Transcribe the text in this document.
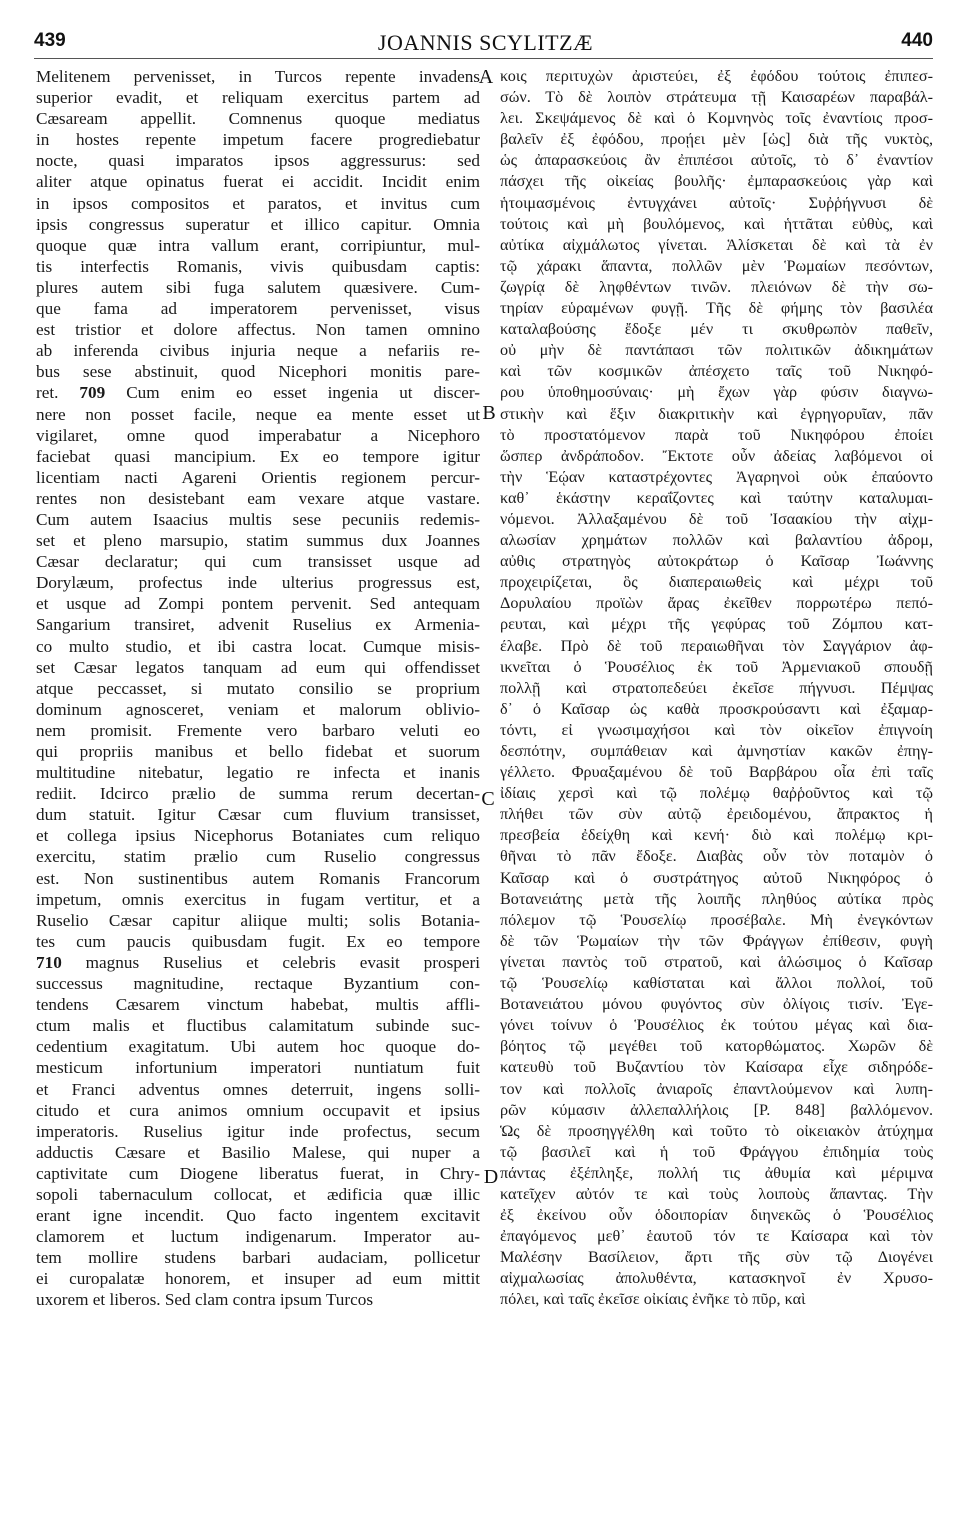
439	JOANNIS SCYLITZÆ	440
Melitenem pervenisset, in Turcos repente invadens
superior evadit, et reliquam exercitus partem ad
Cæsaream appellit. Comnenus quoque mediatus
in hostes repente impetum facere progrediebatur
nocte, quasi imparatos ipsos aggressurus: sed
aliter atque opinatus fuerat ei accidit. Incidit enim
in ipsos compositos et paratos, et invitus cum
ipsis congressus superatur et illico capitur. Omnia
quoque quæ intra vallum erant, corripiuntur, mul-
tis interfectis Romanis, vivis quibusdam captis:
plures autem sibi fuga salutem quæsivere. Cum-
que fama ad imperatorem pervenisset, visus
est tristior et dolore affectus. Non tamen omnino
ab inferenda civibus injuria neque a nefariis re-
bus sese abstinuit, quod Nicephori monitis pare-
ret. 709 Cum enim eo esset ingenia ut discer-
nere non posset facile, neque ea mente esset ut
vigilaret, omne quod imperabatur a Nicephoro
faciebat quasi mancipium. Ex eo tempore igitur
licentiam nacti Agareni Orientis regionem percur-
rentes non desistebant eam vexare atque vastare.
Cum autem Isaacius multis sese pecuniis redemis-
set et pleno marsupio, statim summus dux Joannes
Cæsar declaratur; qui cum transisset usque ad
Dorylæum, profectus inde ulterius progressus est,
et usque ad Zompi pontem pervenit. Sed antequam
Sangarium transiret, advenit Ruselius ex Armenia-
co multo studio, et ibi castra locat. Cumque misis-
set Cæsar legatos tanquam ad eum qui offendisset
atque peccasset, si mutato consilio se proprium
dominum agnosceret, veniam et malorum oblivio-
nem promisit. Fremente vero barbaro veluti eo
qui propriis manibus et bello fidebat et suorum
multitudine nitebatur, legatio re infecta et inanis
rediit. Idcirco prælio de summa rerum decertan-
dum statuit. Igitur Cæsar cum fluvium transisset,
et collega ipsius Nicephorus Botaniates cum reliquo
exercitu, statim prælio cum Ruselio congressus
est. Non sustinentibus autem Romanis Francorum
impetum, omnis exercitus in fugam vertitur, et a
Ruselio Cæsar capitur aliique multi; solis Botania-
tes cum paucis quibusdam fugit. Ex eo tempore
710 magnus Ruselius et celebris evasit prosperi
successus magnitudine, rectaque Byzantium con-
tendens Cæsarem vinctum habebat, multis affli-
ctum malis et fluctibus calamitatum subinde suc-
cedentium exagitatum. Ubi autem hoc quoque do-
mesticum infortunium imperatori nuntiatum fuit
et Franci adventus omnes deterruit, ingens solli-
citudo et cura animos omnium occupavit et ipsius
imperatoris. Ruselius igitur inde profectus, secum
adductis Cæsare et Basilio Malese, qui nuper a
captivitate cum Diogene liberatus fuerat, in Chry-
sopoli tabernaculum collocat, et ædificia quæ illic
erant igne incendit. Quo facto ingentem excitavit
clamorem et luctum indigenarum. Imperator au-
tem mollire studens barbari audaciam, pollicetur
ei curopalatæ honorem, et insuper ad eum mittit
uxorem et liberos. Sed clam contra ipsum Turcos
κοις περιτυχὼν ἀριστεύει, ἐξ ἐφόδου τούτοις ἐπιπεσ-
σών. Τὸ δὲ λοιπὸν στράτευμα τῇ Καισαρέων παραβάλ-
λει. Σκεψάμενος δὲ καὶ ὁ Κομνηνὸς τοῖς ἐναντίοις προσ-
βαλεῖν ἐξ ἐφόδου, προῄει μὲν [ὡς] διὰ τῆς νυκτὸς,
ὡς ἀπαρασκεύοις ἂν ἐπιπέσοι αὐτοῖς, τὸ δ᾽ ἐναντίον
πάσχει τῆς οἰκείας βουλῆς· ἐμπαρασκεύοις γὰρ καὶ
ἡτοιμασμένοις ἐντυγχάνει αὐτοῖς· Συῤῥήγνυσι δὲ
τούτοις καὶ μὴ βουλόμενος, καὶ ἡττᾶται εὐθὺς, καὶ
αὐτίκα αἰχμάλωτος γίνεται. Ἁλίσκεται δὲ καὶ τὰ ἐν
τῷ χάρακι ἅπαντα, πολλῶν μὲν Ῥωμαίων πεσόντων,
ζωγρίᾳ δὲ ληφθέντων τινῶν. πλειόνων δὲ τὴν σω-
τηρίαν εὑραμένων φυγῇ. Τῆς δὲ φήμης τὸν βασιλέα
καταλαβούσης ἔδοξε μέν τι σκυθρωπὸν παθεῖν,
οὐ μὴν δὲ παντάπασι τῶν πολιτικῶν ἀδικημάτων
καὶ τῶν κοσμικῶν ἀπέσχετο ταῖς τοῦ Νικηφό-
ρου ὑποθημοσύναις· μὴ ἔχων γὰρ φύσιν διαγνω-
στικὴν καὶ ἕξιν διακριτικὴν καὶ ἐγρηγορυῖαν, πᾶν
τὸ προστατόμενον παρὰ τοῦ Νικηφόρου ἐποίει
ὥσπερ ἀνδράποδον. Ἔκτοτε οὖν ἀδείας λαβόμενοι οἱ
τὴν Ἑῴαν καταστρέχοντες Ἀγαρηνοὶ οὐκ ἐπαύοντο
καθ᾽ ἑκάστην κεραΐζοντες καὶ ταύτην καταλυμαι-
νόμενοι. Ἀλλαξαμένου δὲ τοῦ Ἰσαακίου τὴν αἰχμ-
αλωσίαν χρημάτων πολλῶν καὶ βαλαντίου ἀδρομ,
αὐθις στρατηγὸς αὐτοκράτωρ ὁ Καῖσαρ Ἰωάννης
προχειρίζεται, ὃς διαπεραιωθεὶς καὶ μέχρι τοῦ
Δορυλαίου προϊὼν ἄρας ἐκεῖθεν πορρωτέρω πεπό-
ρευται, καὶ μέχρι τῆς γεφύρας τοῦ Ζόμπου κατ-
έλαβε. Πρὸ δὲ τοῦ περαιωθῆναι τὸν Σαγγάριον ἀφ-
ικνεῖται ὁ Ῥουσέλιος ἐκ τοῦ Ἀρμενιακοῦ σπουδῇ
πολλῇ καὶ στρατοπεδεύει ἐκεῖσε πήγνυσι. Πέμψας
δ᾽ ὁ Καῖσαρ ὡς καθὰ προσκρούσαντι καὶ ἐξαμαρ-
τόντι, εἰ γνωσιμαχήσοι καὶ τὸν οἰκεῖον ἐπιγνοίη
δεσπότην, συμπάθειαν καὶ ἀμνηστίαν κακῶν ἐπηγ-
γέλλετο. Φρυαξαμένου δὲ τοῦ Βαρβάρου οἷα ἐπὶ ταῖς
ἰδίαις χερσὶ καὶ τῷ πολέμῳ θαῤῥοῦντος καὶ τῷ
πλήθει τῶν σὺν αὐτῷ ἐρειδομένου, ἄπρακτος ἡ
πρεσβεία ἐδείχθη καὶ κενή· διὸ καὶ πολέμῳ κρι-
θῆναι τὸ πᾶν ἔδοξε. Διαβὰς οὖν τὸν ποταμὸν ὁ
Καῖσαρ καὶ ὁ συστράτηγος αὐτοῦ Νικηφόρος ὁ
Βοτανειάτης μετὰ τῆς λοιπῆς πληθύος αὐτίκα πρὸς
πόλεμον τῷ Ῥουσελίῳ προσέβαλε. Μὴ ἐνεγκόντων
δὲ τῶν Ῥωμαίων τὴν τῶν Φράγγων ἐπίθεσιν, φυγὴ
γίνεται παντὸς τοῦ στρατοῦ, καὶ ἁλώσιμος ὁ Καῖσαρ
τῷ Ῥουσελίῳ καθίσταται καὶ ἄλλοι πολλοί, τοῦ
Βοτανειάτου μόνου φυγόντος σὺν ὀλίγοις τισίν. Ἐγε-
γόνει τοίνυν ὁ Ῥουσέλιος ἐκ τούτου μέγας καὶ δια-
βόητος τῷ μεγέθει τοῦ κατορθώματος. Χωρῶν δὲ
κατευθὺ τοῦ Βυζαντίου τὸν Καίσαρα εἶχε σιδηρόδε-
τον καὶ πολλοῖς ἀνιαροῖς ἐπαντλούμενον καὶ λυπη-
ρῶν κύμασιν ἀλλεπαλλήλοις [P. 848] βαλλόμενον.
Ὡς δὲ προσηγγέλθη καὶ τοῦτο τὸ οἰκειακὸν ἀτύχημα
τῷ βασιλεῖ καὶ ἡ τοῦ Φράγγου ἐπιδημία τοὺς
πάντας ἐξέπληξε, πολλή τις ἀθυμία καὶ μέριμνα
κατεῖχεν αὐτόν τε καὶ τοὺς λοιποὺς ἅπαντας. Τὴν
ἐξ ἐκείνου οὖν ὁδοιπορίαν διηνεκῶς ὁ Ῥουσέλιος
ἐπαγόμενος μεθ᾽ ἑαυτοῦ τόν τε Καίσαρα καὶ τὸν
Μαλέσην Βασίλειον, ἄρτι τῆς σὺν τῷ Διογένει
αἰχμαλωσίας ἀπολυθέντα, κατασκηνοῖ ἐν Χρυσο-
πόλει, καὶ ταῖς ἐκεῖσε οἰκίαις ἐνῆκε τὸ πῦρ, καὶ
A
B
C
D
